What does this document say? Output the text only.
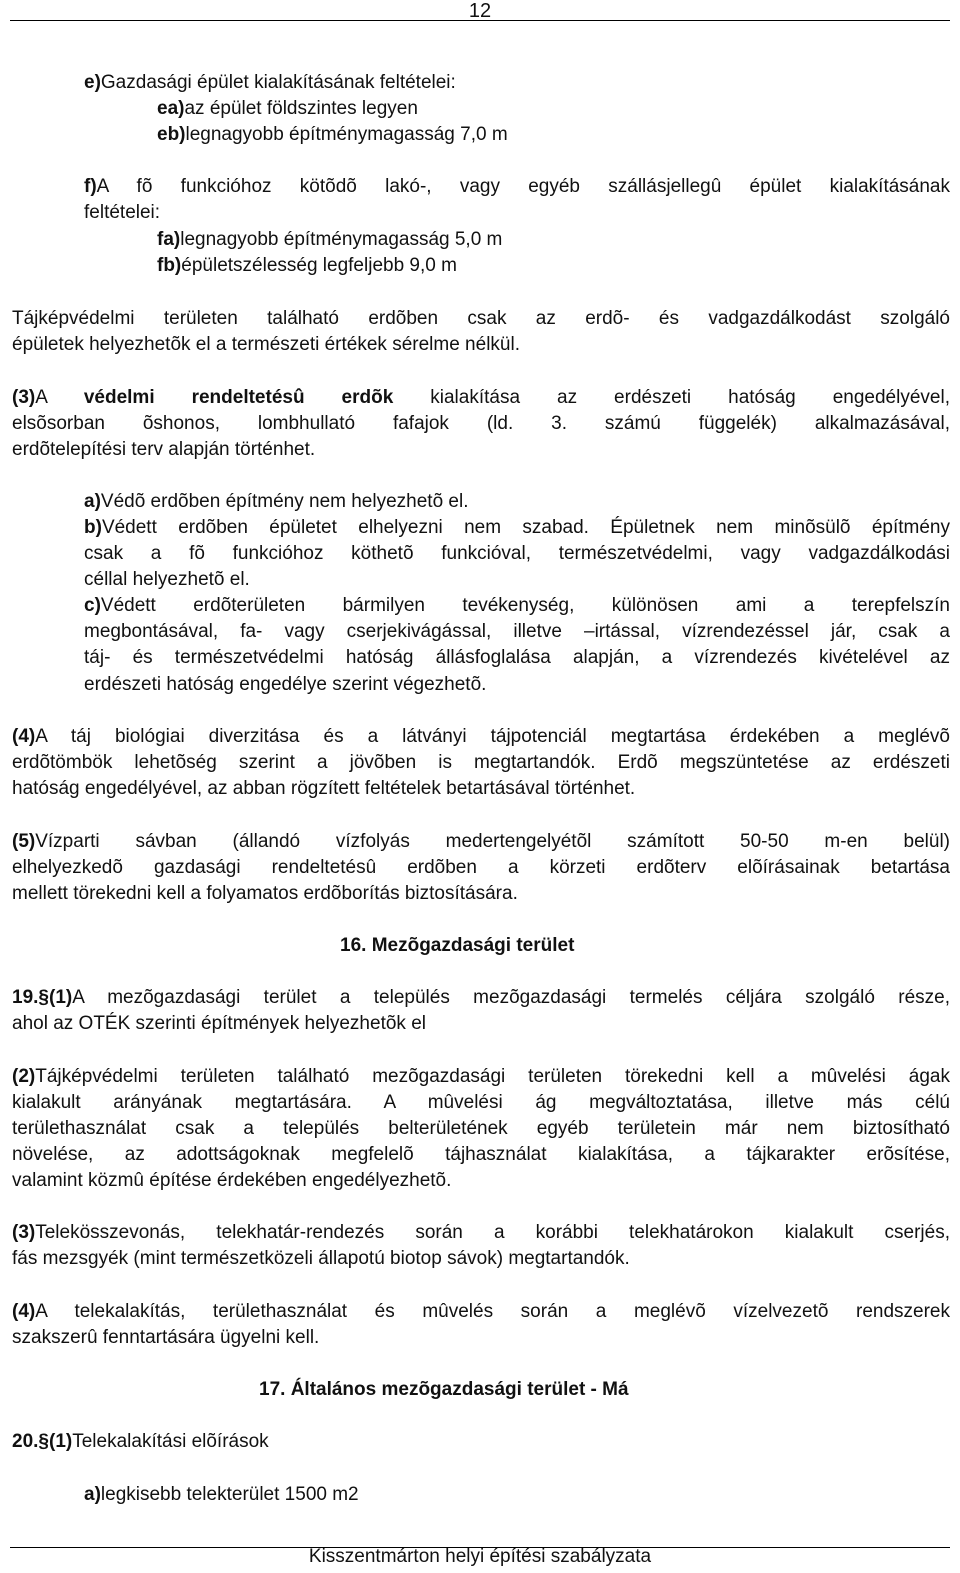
12
e)Gazdasági épület kialakításának feltételei:
ea)az épület földszintes legyen
eb)legnagyobb építménymagasság 7,0 m
f)A fõ funkcióhoz kötõdõ lakó-, vagy egyéb szállásjellegû épület kialakításának
feltételei:
fa)legnagyobb építménymagasság 5,0 m
fb)épületszélesség legfeljebb 9,0 m
Tájképvédelmi területen található erdõben csak az erdõ- és vadgazdálkodást szolgáló
épületek helyezhetõk el a természeti értékek sérelme nélkül.
(3)A védelmi rendeltetésû erdõk kialakítása az erdészeti hatóság engedélyével,
elsõsorban õshonos, lombhullató fafajok (ld. 3. számú függelék) alkalmazásával,
erdõtelepítési terv alapján történhet.
a)Védõ erdõben építmény nem helyezhetõ el.
b)Védett erdõben épületet elhelyezni nem szabad. Épületnek nem minõsülõ építmény
csak a fõ funkcióhoz köthetõ funkcióval, természetvédelmi, vagy vadgazdálkodási
céllal helyezhetõ el.
c)Védett erdõterületen bármilyen tevékenység, különösen ami a terepfelszín
megbontásával, fa- vagy cserjekivágással, illetve –irtással, vízrendezéssel jár, csak a
táj- és természetvédelmi hatóság állásfoglalása alapján, a vízrendezés kivételével az
erdészeti hatóság engedélye szerint végezhetõ.
(4)A táj biológiai diverzitása és a látványi tájpotenciál megtartása érdekében a meglévõ
erdõtömbök lehetõség szerint a jövõben is megtartandók. Erdõ megszüntetése az erdészeti
hatóság engedélyével, az abban rögzített feltételek betartásával történhet.
(5)Vízparti sávban (állandó vízfolyás medertengelyétõl számított 50-50 m-en belül)
elhelyezkedõ gazdasági rendeltetésû erdõben a körzeti erdõterv elõírásainak betartása
mellett törekedni kell a folyamatos erdõborítás biztosítására.
16. Mezõgazdasági terület
19.§(1)A mezõgazdasági terület a település mezõgazdasági termelés céljára szolgáló része,
ahol az OTÉK szerinti építmények helyezhetõk el
(2)Tájképvédelmi területen található mezõgazdasági területen törekedni kell a mûvelési ágak
kialakult arányának megtartására. A mûvelési ág megváltoztatása, illetve más célú
területhasználat csak a település belterületének egyéb területein már nem biztosítható
növelése, az adottságoknak megfelelõ tájhasználat kialakítása, a tájkarakter erõsítése,
valamint közmû építése érdekében engedélyezhetõ.
(3)Telekösszevonás, telekhatár-rendezés során a korábbi telekhatárokon kialakult cserjés,
fás mezsgyék (mint természetközeli állapotú biotop sávok) megtartandók.
(4)A telekalakítás, területhasználat és mûvelés során a meglévõ vízelvezetõ rendszerek
szakszerû fenntartására ügyelni kell.
17. Általános mezõgazdasági terület - Má
20.§(1)Telekalakítási elõírások
a)legkisebb telekterület 1500 m2
Kisszentmárton helyi építési szabályzata
